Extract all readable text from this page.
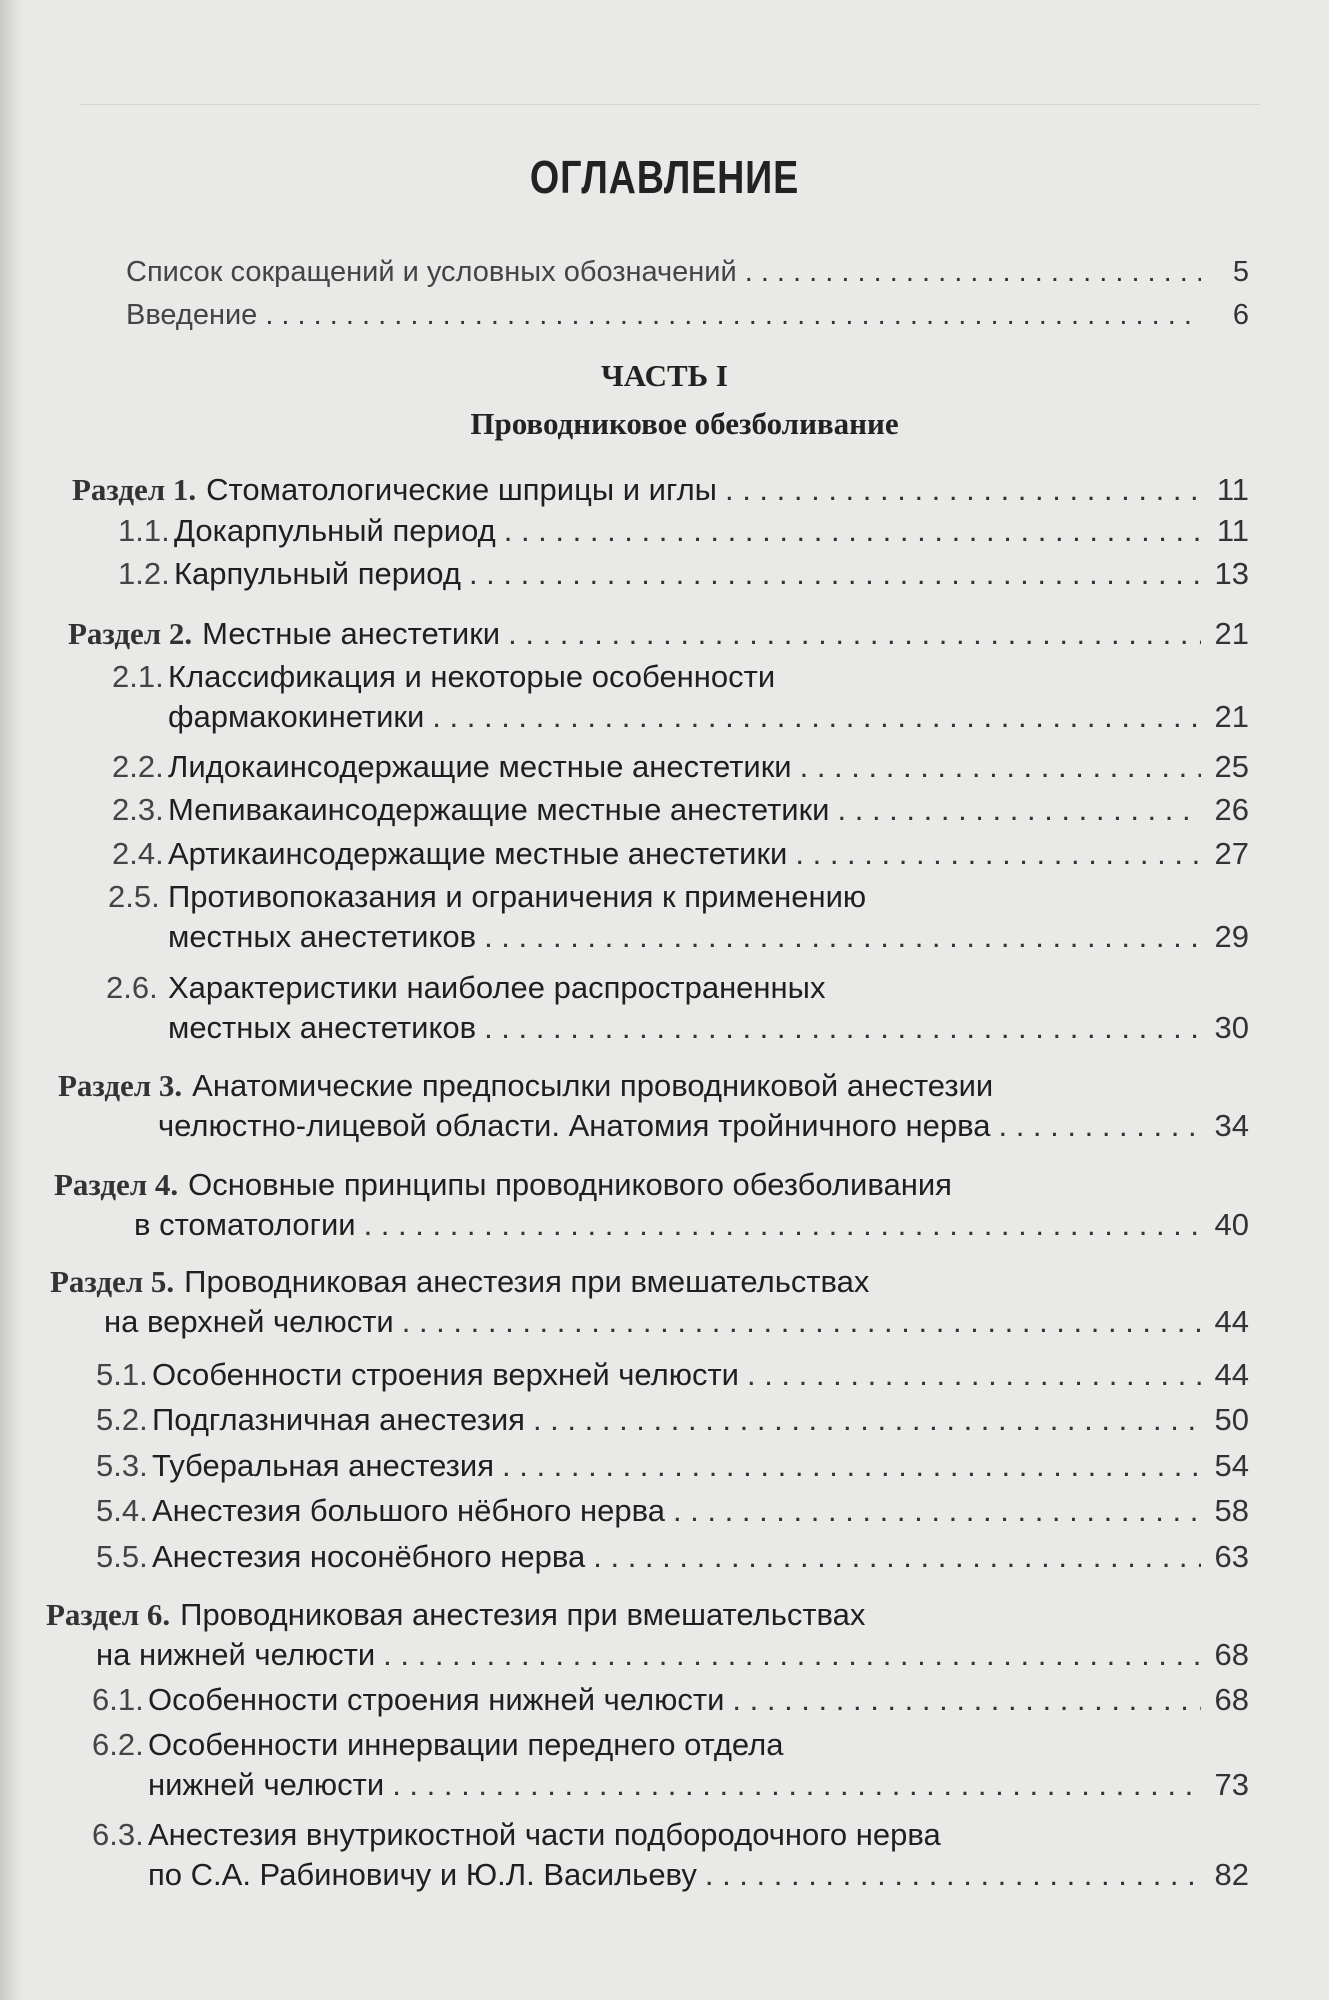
ОГЛАВЛЕНИЕ
Список сокращений и условных обозначений . . .	5
Введение . . .	6
ЧАСТЬ I
Проводниковое обезболивание
Раздел 1. Стоматологические шприцы и иглы . . .	11
1.1. Докарпульный период . . .	11
1.2. Карпульный период . . .	13
Раздел 2. Местные анестетики . . .	21
2.1. Классификация и некоторые особенности
фармакокинетики . . .	21
2.2. Лидокаинсодержащие местные анестетики . . .	25
2.3. Мепивакаинсодержащие местные анестетики . . .	26
2.4. Артикаинсодержащие местные анестетики . . .	27
2.5. Противопоказания и ограничения к применению
местных анестетиков . . .	29
2.6. Характеристики наиболее распространенных
местных анестетиков . . .	30
Раздел 3. Анатомические предпосылки проводниковой анестезии
челюстно-лицевой области. Анатомия тройничного нерва . . .	34
Раздел 4. Основные принципы проводникового обезболивания
в стоматологии . . .	40
Раздел 5. Проводниковая анестезия при вмешательствах
на верхней челюсти . . .	44
5.1. Особенности строения верхней челюсти . . .	44
5.2. Подглазничная анестезия . . .	50
5.3. Туберальная анестезия . . .	54
5.4. Анестезия большого нёбного нерва . . .	58
5.5. Анестезия носонёбного нерва . . .	63
Раздел 6. Проводниковая анестезия при вмешательствах
на нижней челюсти . . .	68
6.1. Особенности строения нижней челюсти . . .	68
6.2. Особенности иннервации переднего отдела
нижней челюсти . . .	73
6.3. Анестезия внутрикостной части подбородочного нерва
по С.А. Рабиновичу и Ю.Л. Васильеву . . .	82
